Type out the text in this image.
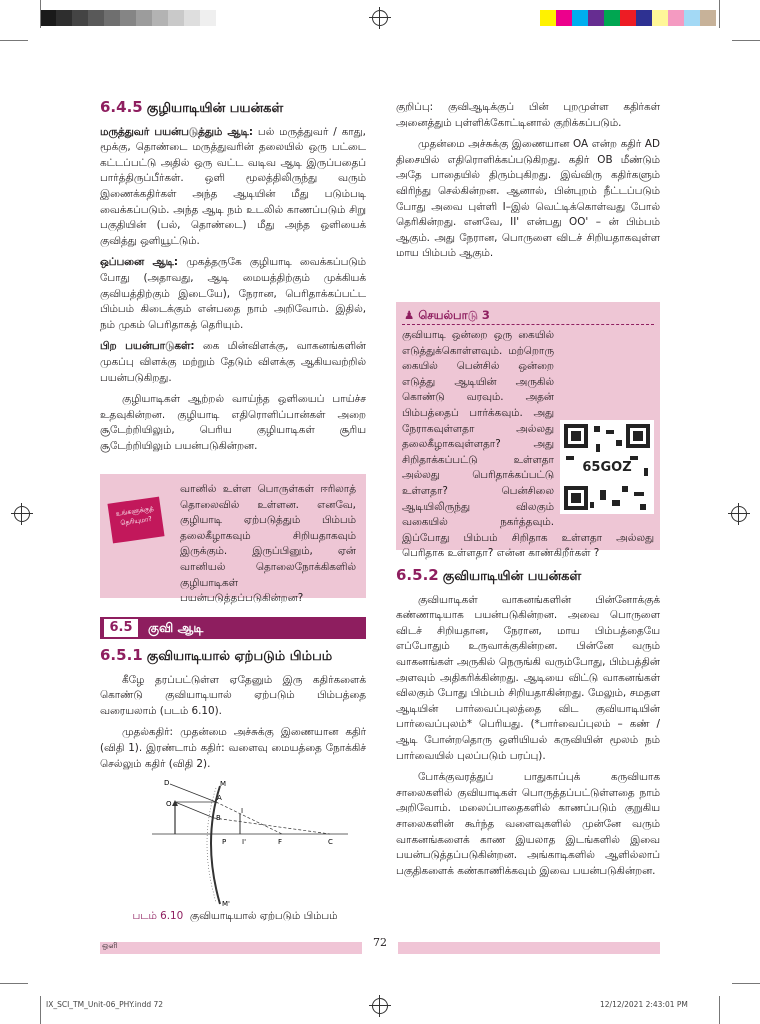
6.4.5 குழியாடியின் பயன்கள்

மருத்துவர் பயன்படுத்தும் ஆடி: பல் மருத்துவர் / காது, மூக்கு, தொண்டை மருத்துவரின் தலையில் ஒரு பட்டை கட்டப்பட்டு அதில் ஒரு வட்ட வடிவ ஆடி இருப்பதைப் பார்த்திருப்பீர்கள். ஒளி மூலத்திலிருந்து வரும் இணைக்கதிர்கள் அந்த ஆடியின் மீது படும்படி வைக்கப்படும். அந்த ஆடி நம் உடலில் காணப்படும் சிறு பகுதியின் (பல், தொண்டை) மீது அந்த ஒளியைக் குவித்து ஒளியூட்டும்.

ஒப்பனை ஆடி: முகத்தருகே குழியாடி வைக்கப்படும் போது (அதாவது, ஆடி மையத்திற்கும் முக்கியக் குவியத்திற்கும் இடையே), நேரான, பெரிதாக்கப்பட்ட பிம்பம் கிடைக்கும் என்பதை நாம் அறிவோம். இதில், நம் முகம் பெரிதாகத் தெரியும்.

பிற பயன்பாடுகள்: கை மின்விளக்கு, வாகனங்களின் முகப்பு விளக்கு மற்றும் தேடும் விளக்கு ஆகியவற்றில் பயன்படுகிறது.

குழியாடிகள் ஆற்றல் வாய்ந்த ஒளியைப் பாய்ச்ச உதவுகின்றன. குழியாடி எதிரொளிப்பான்கள் அறை சூடேற்றியிலும், பெரிய குழியாடிகள் சூரிய சூடேற்றியிலும் பயன்படுகின்றன.

உங்களுக்குத்
தெரியுமா?
வானில் உள்ள பொருள்கள் ஈரிலாத் தொலைவில் உள்ளன. எனவே, குழியாடி ஏற்படுத்தும் பிம்பம் தலைகீழாகவும் சிறியதாகவும் இருக்கும். இருப்பினும், ஏன் வானியல் தொலைநோக்கிகளில் குழியாடிகள் பயன்படுத்தப்படுகின்றன?
6.5	குவி ஆடி
6.5.1 குவியாடியால் ஏற்படும் பிம்பம்

கீழே தரப்பட்டுள்ள ஏதேனும் இரு கதிர்களைக் கொண்டு குவியாடியால் ஏற்படும் பிம்பத்தை வரையலாம் (படம் 6.10).

முதல்கதிர்: முதன்மை அச்சுக்கு இணையான கதிர் (விதி 1). இரண்டாம் கதிர்: வளைவு மையத்தை நோக்கிச் செல்லும் கதிர் (விதி 2).

D	M
A
B
O
I
I'
P	F	C
M'
படம் 6.10 குவியாடியால் ஏற்படும் பிம்பம்

குறிப்பு: குவிஆடிக்குப் பின் புறமுள்ள கதிர்கள் அனைத்தும் புள்ளிக்கோட்டினால் குறிக்கப்படும்.

முதன்மை அச்சுக்கு இணையான OA என்ற கதிர் AD திசையில் எதிரொளிக்கப்படுகிறது. கதிர் OB மீண்டும் அதே பாதையில் திரும்புகிறது. இவ்விரு கதிர்களும் விரிந்து செல்கின்றன. ஆனால், பின்புறம் நீட்டப்படும் போது அவை புள்ளி I–இல் வெட்டிக்கொள்வது போல் தெரிகின்றது. எனவே, II' என்பது OO' – ன் பிம்பம் ஆகும். அது நேரான, பொருளை விடச் சிறியதாகவுள்ள மாய பிம்பம் ஆகும்.

♟ செயல்பாடு 3
65GOZ
குவியாடி ஒன்றை ஒரு கையில் எடுத்துக்கொள்ளவும். மற்றொரு கையில் பென்சில் ஒன்றை எடுத்து ஆடியின் அருகில் கொண்டு வரவும். அதன் பிம்பத்தைப் பார்க்கவும். அது நேராகவுள்ளதா அல்லது தலைகீழாகவுள்ளதா? அது சிறிதாக்கப்பட்டு உள்ளதா அல்லது பெரிதாக்கப்பட்டு உள்ளதா? பென்சிலை ஆடியிலிருந்து விலகும் வகையில் நகர்த்தவும். இப்போது பிம்பம் சிறிதாக உள்ளதா அல்லது பெரிதாக உள்ளதா? என்ன காண்கிறீர்கள் ?
6.5.2 குவியாடியின் பயன்கள்

குவியாடிகள் வாகனங்களின் பின்னோக்குக் கண்ணாடியாக பயன்படுகின்றன. அவை பொருளை விடச் சிறியதான, நேரான, மாய பிம்பத்தையே எப்போதும் உருவாக்குகின்றன. பின்னே வரும் வாகனங்கள் அருகில் நெருங்கி வரும்போது, பிம்பத்தின் அளவும் அதிகரிக்கின்றது. ஆடியை விட்டு வாகனங்கள் விலகும் போது பிம்பம் சிறியதாகின்றது. மேலும், சமதள ஆடியின் பார்வைப்புலத்தை விட குவியாடியின் பார்வைப்புலம்* பெரியது. (*பார்வைப்புலம் – கண் / ஆடி போன்றதொரு ஒளியியல் கருவியின் மூலம் நம் பார்வையில் புலப்படும் பரப்பு).

போக்குவரத்துப் பாதுகாப்புக் கருவியாக சாலைகளில் குவியாடிகள் பொருத்தப்பட்டுள்ளதை நாம் அறிவோம். மலைப்பாதைகளில் காணப்படும் குறுகிய சாலைகளின் கூர்ந்த வளைவுகளில் முன்னே வரும் வாகனங்களைக் காண இயலாத இடங்களில் இவை பயன்படுத்தப்படுகின்றன. அங்காடிகளில் ஆளில்லாப் பகுதிகளைக் கண்காணிக்கவும் இவை பயன்படுகின்றன.

ஒளி	72
IX_SCI_TM_Unit-06_PHY.indd 72	12/12/2021 2:43:01 PM
